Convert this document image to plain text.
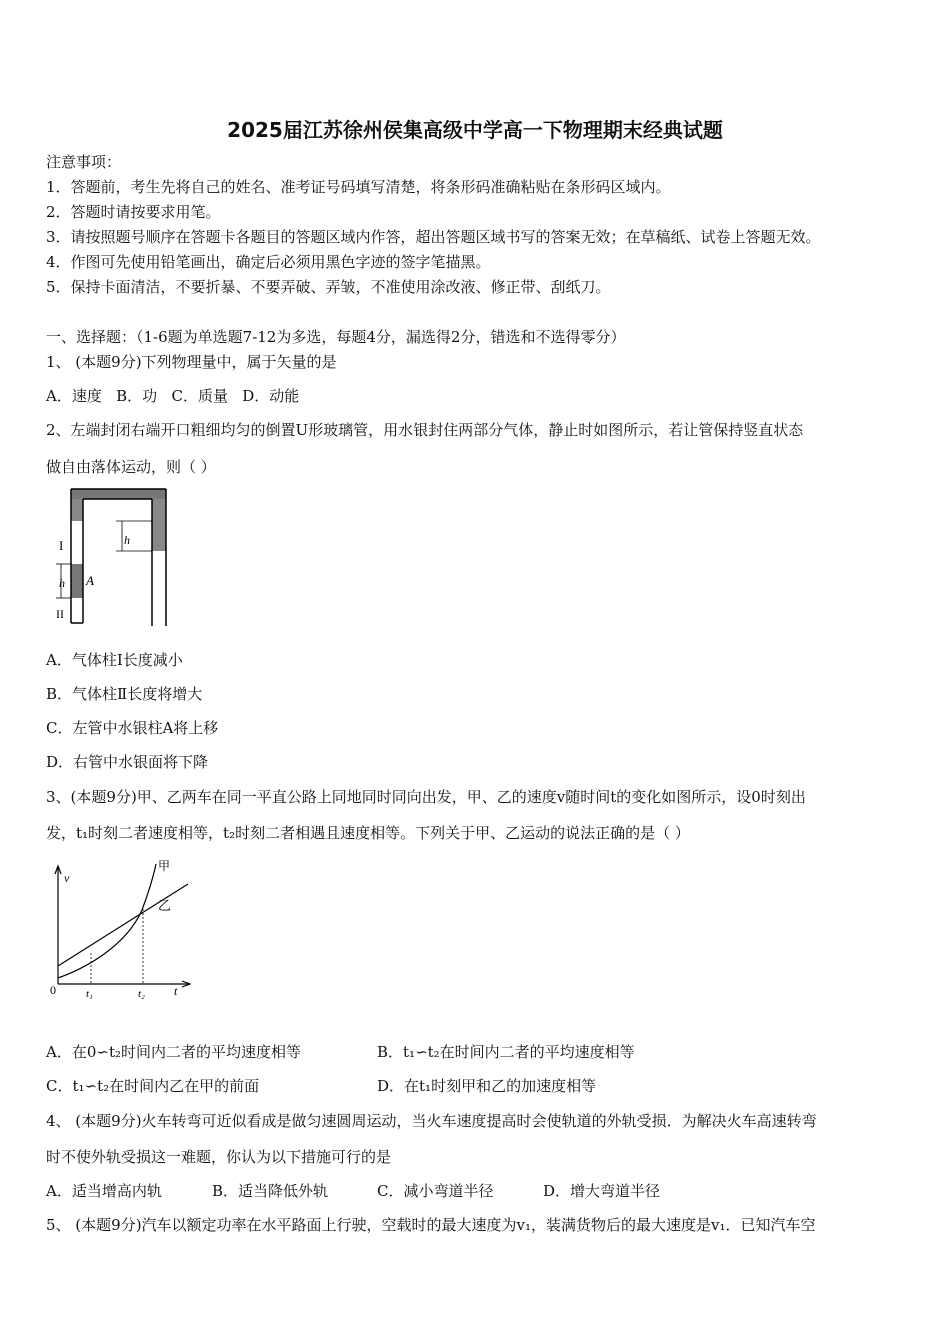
2025届江苏徐州侯集高级中学高一下物理期末经典试题
注意事项：
1．答题前，考生先将自己的姓名、准考证号码填写清楚，将条形码准确粘贴在条形码区域内。
2．答题时请按要求用笔。
3．请按照题号顺序在答题卡各题目的答题区域内作答，超出答题区域书写的答案无效；在草稿纸、试卷上答题无效。
4．作图可先使用铅笔画出，确定后必须用黑色字迹的签字笔描黑。
5．保持卡面清洁，不要折暴、不要弄破、弄皱，不准使用涂改液、修正带、刮纸刀。
一、选择题：（1-6题为单选题7-12为多选，每题4分，漏选得2分，错选和不选得零分）
1、 (本题9分)下列物理量中，属于矢量的是
A．速度   B．功   C．质量   D．动能
2、左端封闭右端开口粗细均匀的倒置U形玻璃管，用水银封住两部分气体，静止时如图所示，若让管保持竖直状态
做自由落体运动，则（ ）
I	h
h A
II
A．气体柱Ⅰ长度减小
B．气体柱Ⅱ长度将增大
C．左管中水银柱A将上移
D．右管中水银面将下降
3、(本题9分)甲、乙两车在同一平直公路上同地同时同向出发，甲、乙的速度v随时间t的变化如图所示，设0时刻出
发，t₁时刻二者速度相等，t₂时刻二者相遇且速度相等。下列关于甲、乙运动的说法正确的是（ ）
v
0	t₁	t₂ t
甲
乙
A．在0∽t₂时间内二者的平均速度相等	B．t₁∽t₂在时间内二者的平均速度相等
C．t₁∽t₂在时间内乙在甲的前面	D．在t₁时刻甲和乙的加速度相等
4、 (本题9分)火车转弯可近似看成是做匀速圆周运动，当火车速度提高时会使轨道的外轨受损．为解决火车高速转弯
时不使外轨受损这一难题，你认为以下措施可行的是
A．适当增高内轨	B．适当降低外轨	C．减小弯道半径	D．增大弯道半径
5、 (本题9分)汽车以额定功率在水平路面上行驶，空载时的最大速度为v₁，装满货物后的最大速度是v₁．已知汽车空
